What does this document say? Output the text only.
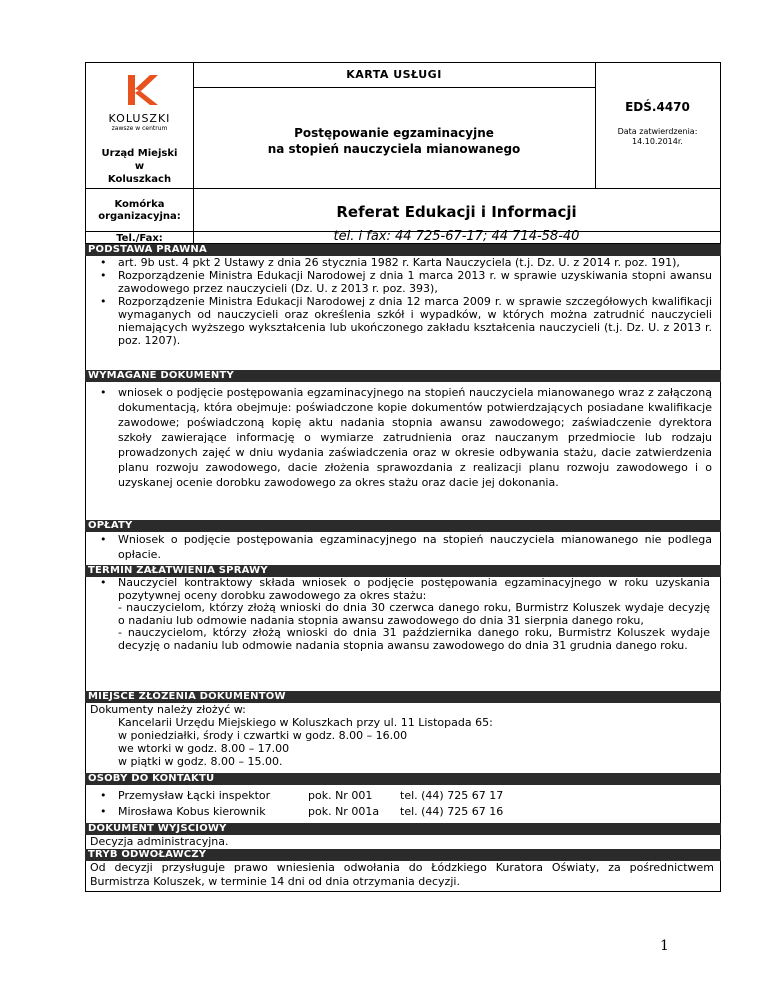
KOLUSZKI
zawsze w centrum
Urząd Miejski
w
Koluszkach
KARTA USŁUGI
Postępowanie egzaminacyjne
na stopień nauczyciela mianowanego
EDŚ.4470
Data zatwierdzenia:
14.10.2014r.
Komórka
organizacyjna:	Referat Edukacji i Informacji
Tel./Fax:	tel. i fax: 44 725-67-17; 44 714-58-40
PODSTAWA PRAWNA
• art. 9b ust. 4 pkt 2 Ustawy z dnia 26 stycznia 1982 r. Karta Nauczyciela (t.j. Dz. U. z 2014 r. poz. 191),
• Rozporządzenie Ministra Edukacji Narodowej z dnia 1 marca 2013 r. w sprawie uzyskiwania stopni awansu zawodowego przez nauczycieli (Dz. U. z 2013 r. poz. 393),
• Rozporządzenie Ministra Edukacji Narodowej z dnia 12 marca 2009 r. w sprawie szczegółowych kwalifikacji wymaganych od nauczycieli oraz określenia szkół i wypadków, w których można zatrudnić nauczycieli niemających wyższego wykształcenia lub ukończonego zakładu kształcenia nauczycieli (t.j. Dz. U. z 2013 r. poz. 1207).
WYMAGANE DOKUMENTY
• wniosek o podjęcie postępowania egzaminacyjnego na stopień nauczyciela mianowanego wraz z załączoną dokumentacją, która obejmuje: poświadczone kopie dokumentów potwierdzających posiadane kwalifikacje zawodowe; poświadczoną kopię aktu nadania stopnia awansu zawodowego; zaświadczenie dyrektora szkoły zawierające informację o wymiarze zatrudnienia oraz nauczanym przedmiocie lub rodzaju prowadzonych zajęć w dniu wydania zaświadczenia oraz w okresie odbywania stażu, dacie zatwierdzenia planu rozwoju zawodowego, dacie złożenia sprawozdania z realizacji planu rozwoju zawodowego i o uzyskanej ocenie dorobku zawodowego za okres stażu oraz dacie jej dokonania.
OPŁATY
• Wniosek o podjęcie postępowania egzaminacyjnego na stopień nauczyciela mianowanego nie podlega opłacie.
TERMIN ZAŁATWIENIA SPRAWY
• Nauczyciel kontraktowy składa wniosek o podjęcie postępowania egzaminacyjnego w roku uzyskania pozytywnej oceny dorobku zawodowego za okres stażu:
- nauczycielom, którzy złożą wnioski do dnia 30 czerwca danego roku, Burmistrz Koluszek wydaje decyzję o nadaniu lub odmowie nadania stopnia awansu zawodowego do dnia 31 sierpnia danego roku,
- nauczycielom, którzy złożą wnioski do dnia 31 października danego roku, Burmistrz Koluszek wydaje decyzję o nadaniu lub odmowie nadania stopnia awansu zawodowego do dnia 31 grudnia danego roku.
MIEJSCE ZŁOŻENIA DOKUMENTÓW
Dokumenty należy złożyć w:
Kancelarii Urzędu Miejskiego w Koluszkach przy ul. 11 Listopada 65:
w poniedziałki, środy i czwartki w godz. 8.00 – 16.00
we wtorki w godz. 8.00 – 17.00
w piątki w godz. 8.00 – 15.00.
OSOBY DO KONTAKTU
• Przemysław Łącki inspektor	pok. Nr 001	tel. (44) 725 67 17
• Mirosława Kobus kierownik	pok. Nr 001a	tel. (44) 725 67 16
DOKUMENT WYJŚCIOWY
Decyzja administracyjna.
TRYB ODWOŁAWCZY
Od decyzji przysługuje prawo wniesienia odwołania do Łódzkiego Kuratora Oświaty, za pośrednictwem Burmistrza Koluszek, w terminie 14 dni od dnia otrzymania decyzji.
1
